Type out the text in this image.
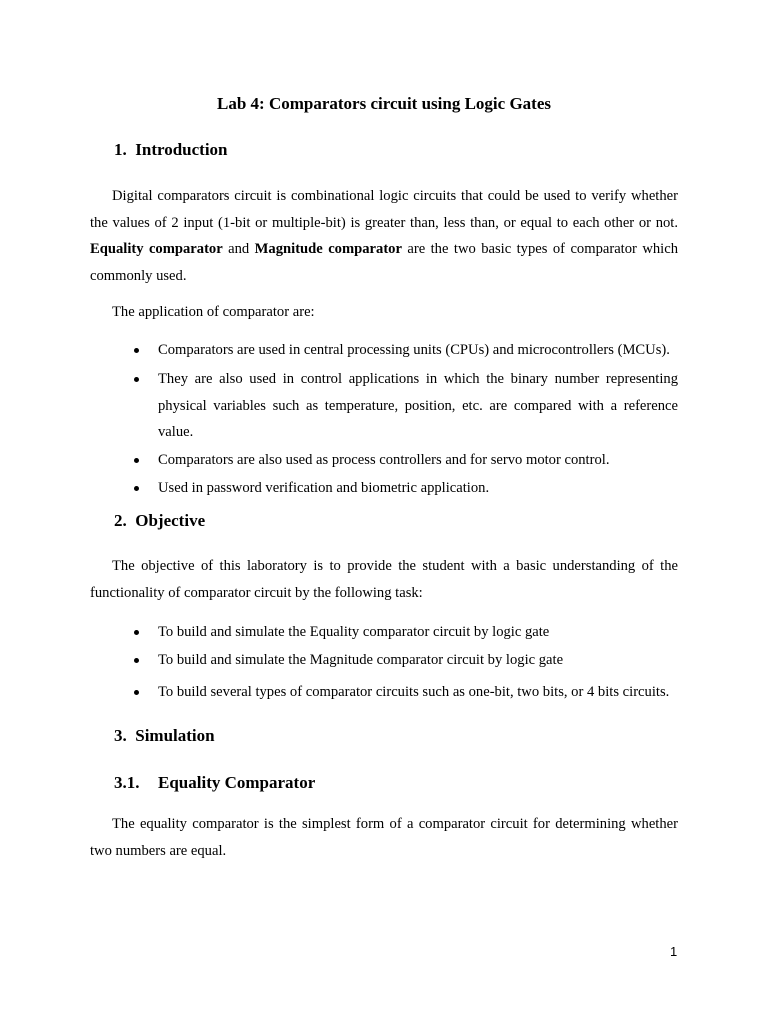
Lab 4: Comparators circuit using Logic Gates
1. Introduction

Digital comparators circuit is combinational logic circuits that could be used to verify whether the values of 2 input (1-bit or multiple-bit) is greater than, less than, or equal to each other or not. Equality comparator and Magnitude comparator are the two basic types of comparator which commonly used.

The application of comparator are:

Comparators are used in central processing units (CPUs) and microcontrollers (MCUs).
They are also used in control applications in which the binary number representing physical variables such as temperature, position, etc. are compared with a reference value.
Comparators are also used as process controllers and for servo motor control.
Used in password verification and biometric application.
2. Objective

The objective of this laboratory is to provide the student with a basic understanding of the functionality of comparator circuit by the following task:

To build and simulate the Equality comparator circuit by logic gate
To build and simulate the Magnitude comparator circuit by logic gate
To build several types of comparator circuits such as one-bit, two bits, or 4 bits circuits.
3. Simulation
3.1. Equality Comparator

The equality comparator is the simplest form of a comparator circuit for determining whether two numbers are equal.

1
